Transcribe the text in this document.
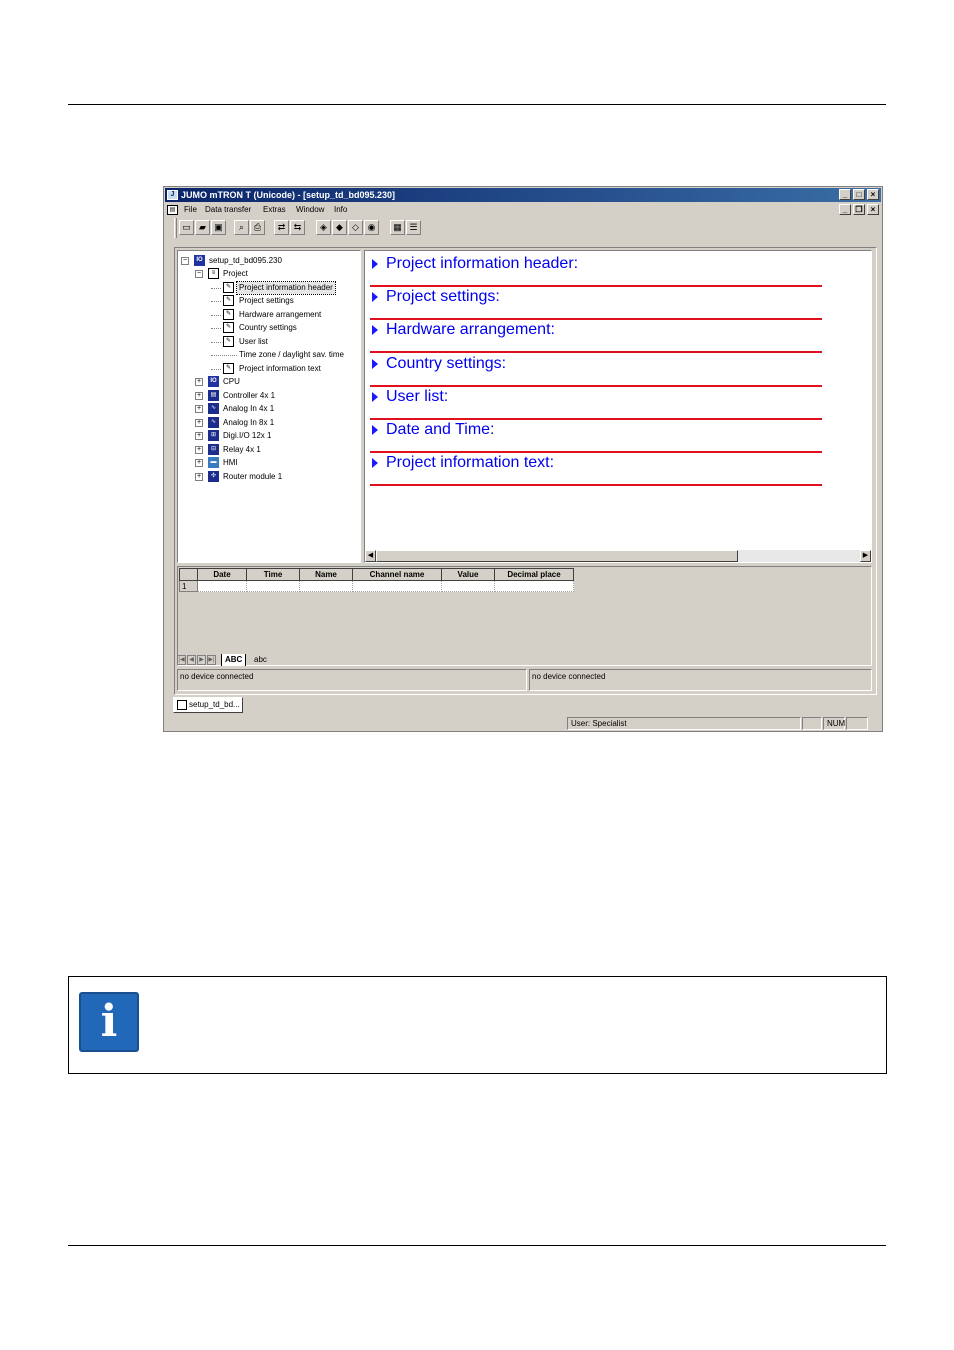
J JUMO mTRON T (Unicode) - [setup_td_bd095.230]	_	□	×
▤	File Data transfer Extras Window Info	_	❐	×
▭ ▰ ▣	⌕	⎙	⇄ ⇆	◈	◆	◇ ◉	▦ ☰
−	IO setup_td_bd095.230
−	≡ Project
✎ Project information header
✎ Project settings
✎ Hardware arrangement
✎ Country settings
✎ User list
Time zone / daylight sav. time
✎ Project information text
+	IO CPU
+	▤ Controller 4x 1
+	∿ Analog In 4x 1
+	∿ Analog In 8x 1
+	⊞ Digi.I/O 12x 1
+	⊟ Relay 4x 1
+	▬ HMI
+	✣ Router module 1
Project information header:
Project settings:
Hardware arrangement:
Country settings:
User list:
Date and Time:
Project information text:
◀	▶
	Date	Time	Name	Channel name	Value	Decimal place
1						
|◀ ◀ ▶ ▶|	ABC	abc
no device connected	no device connected
setup_td_bd...
User: Specialist	NUM
i
